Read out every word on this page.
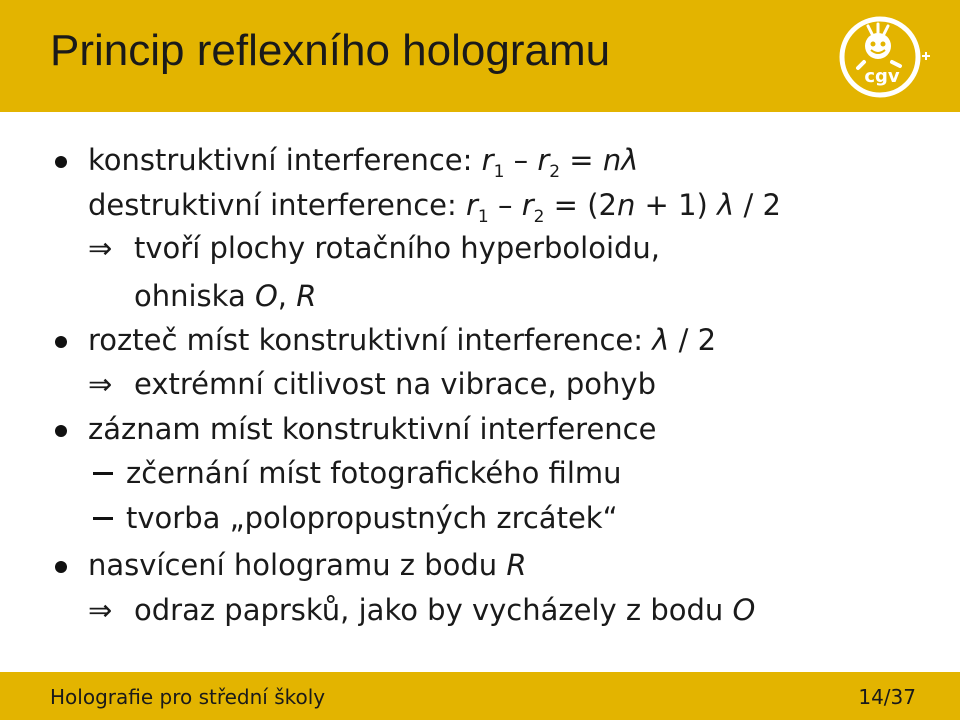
Princip reflexního hologramu
cgv
konstruktivní interference: $r_1 - r_2 = n\lambda$
destruktivní interference: $r_1 - r_2 = (2n + 1)$ λ / 2
⇒ tvoří plochy rotačního hyperboloidu,
ohniska O, R
rozteč míst konstruktivní interference: λ / 2
⇒ extrémní citlivost na vibrace, pohyb
záznam míst konstruktivní interference
zčernání míst fotografického filmu
tvorba „polopropustných zrcátek“
nasvícení hologramu z bodu R
⇒ odraz paprsků, jako by vycházely z bodu O
Holografie pro střední školy	14/37
